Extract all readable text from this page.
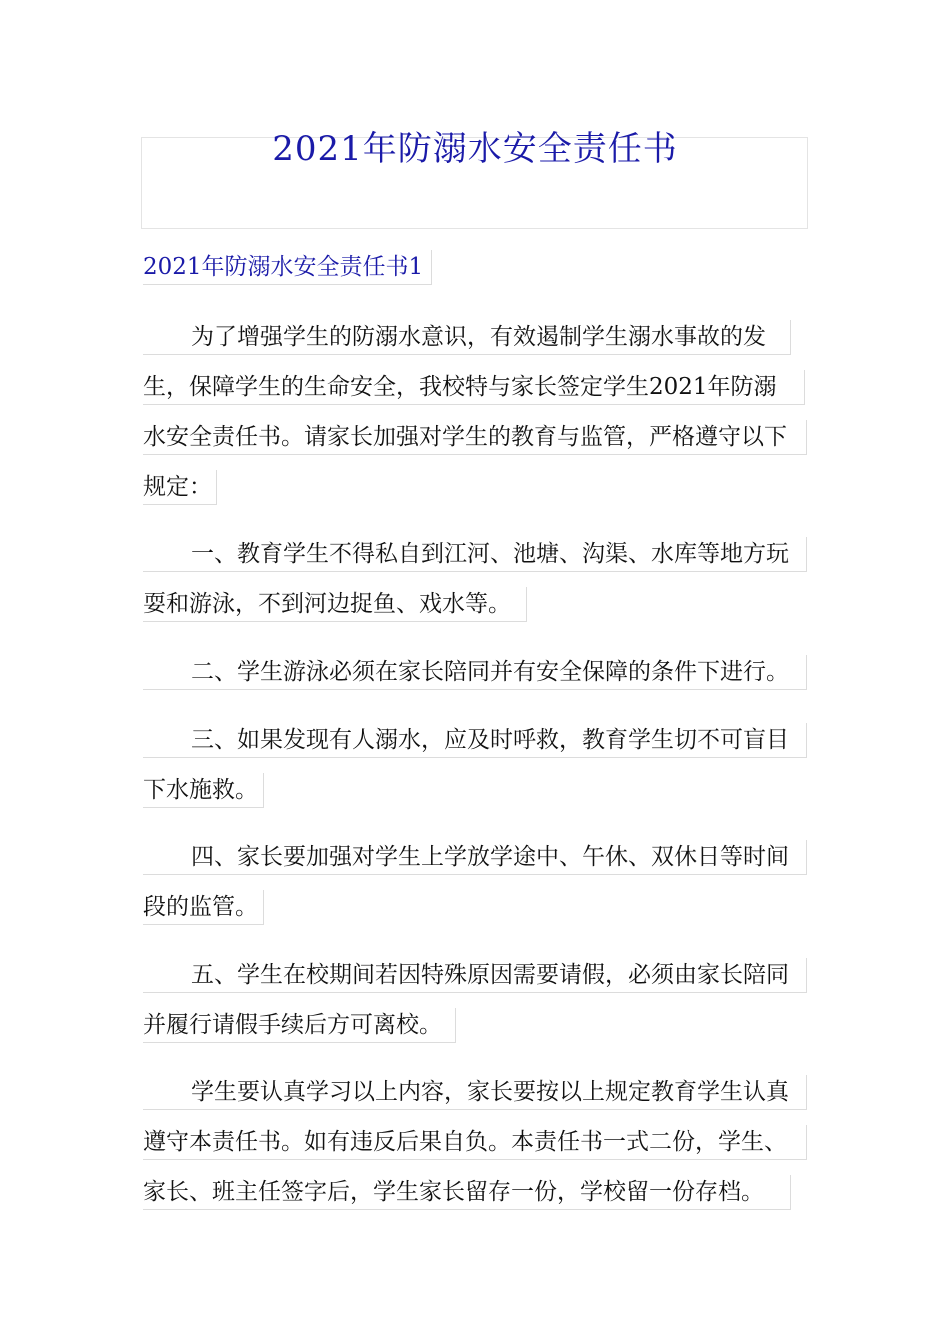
2021年防溺水安全责任书
2021年防溺水安全责任书1
为了增强学生的防溺水意识，有效遏制学生溺水事故的发
生，保障学生的生命安全，我校特与家长签定学生2021年防溺
水安全责任书。请家长加强对学生的教育与监管，严格遵守以下
规定：
一、教育学生不得私自到江河、池塘、沟渠、水库等地方玩
耍和游泳，不到河边捉鱼、戏水等。
二、学生游泳必须在家长陪同并有安全保障的条件下进行。
三、如果发现有人溺水，应及时呼救，教育学生切不可盲目
下水施救。
四、家长要加强对学生上学放学途中、午休、双休日等时间
段的监管。
五、学生在校期间若因特殊原因需要请假，必须由家长陪同
并履行请假手续后方可离校。
学生要认真学习以上内容，家长要按以上规定教育学生认真
遵守本责任书。如有违反后果自负。本责任书一式二份，学生、
家长、班主任签字后，学生家长留存一份，学校留一份存档。
